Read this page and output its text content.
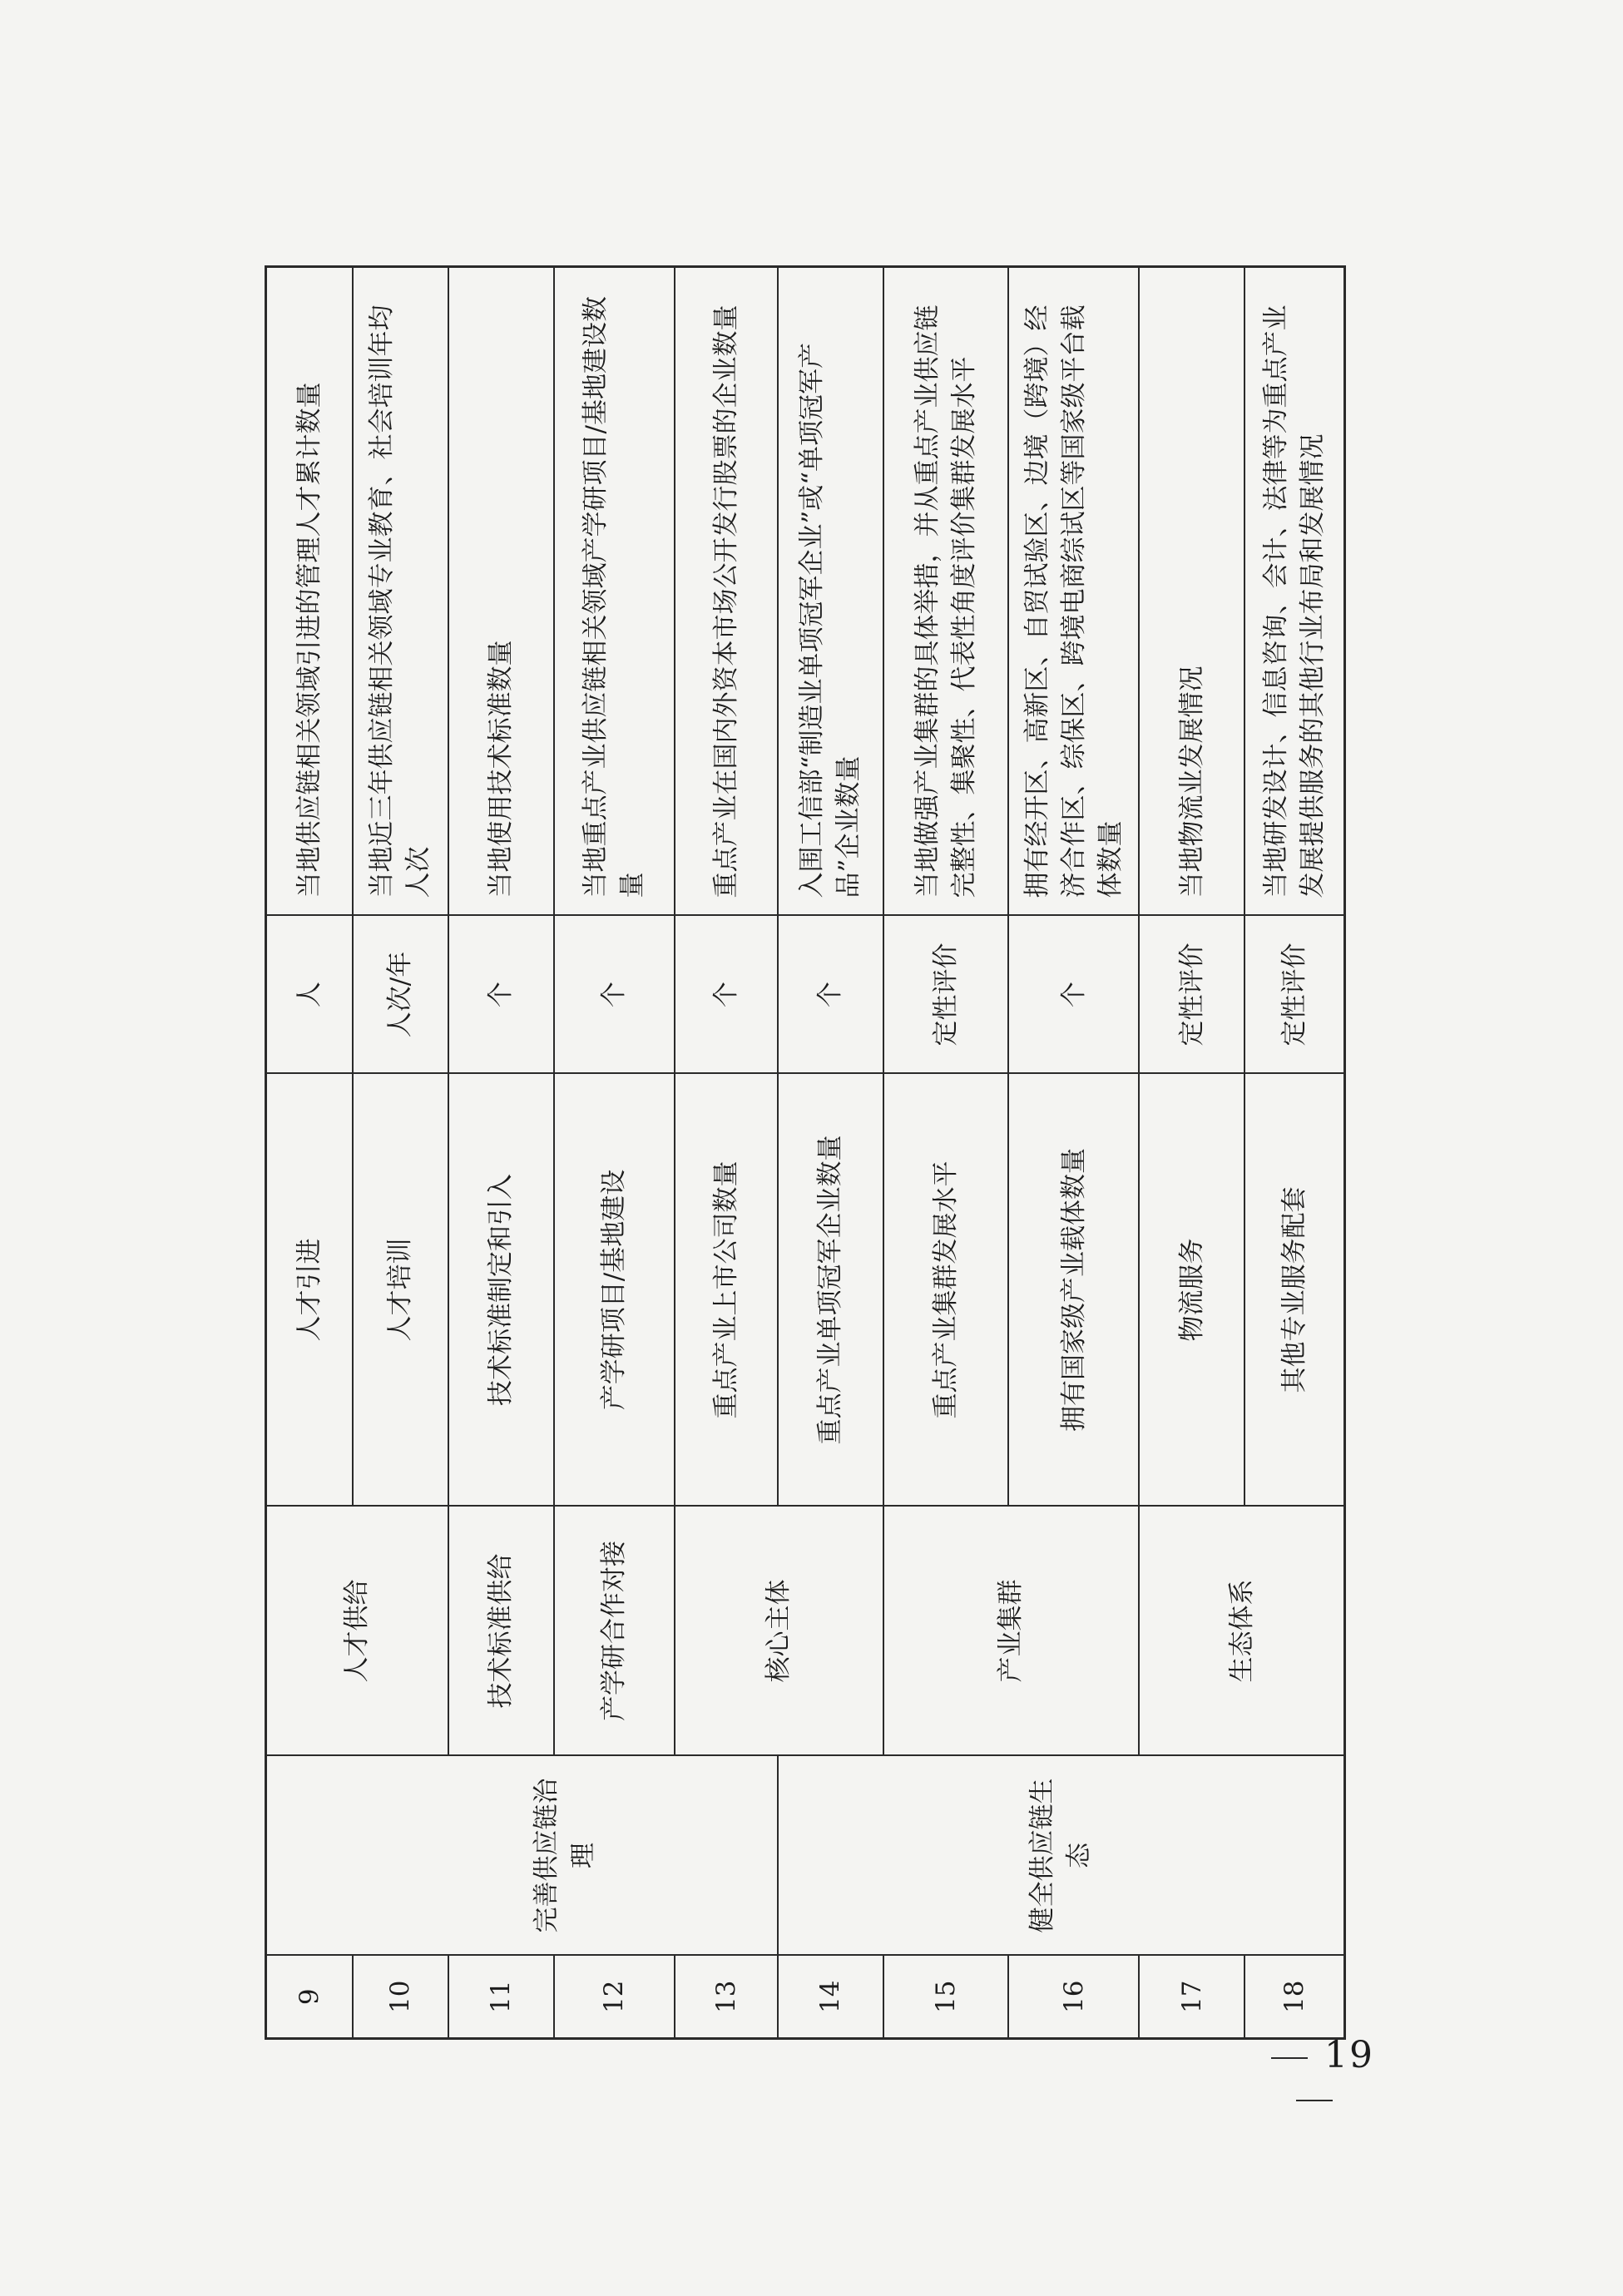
9		人才供给	人才引进	人	当地供应链相关领域引进的管理人才累计数量
10	完善供应链治理		人才培训	人次/年	当地近三年供应链相关领域专业教育、社会培训年均人次
11		技术标准供给	技术标准制定和引入	个	当地使用技术标准数量
12		产学研合作对接	产学研项目/基地建设	个	当地重点产业供应链相关领域产学研项目/基地建设数量
13		核心主体	重点产业上市公司数量	个	重点产业在国内外资本市场公开发行股票的企业数量
14	健全供应链生态		重点产业单项冠军企业数量	个	入围工信部“制造业单项冠军企业”或“单项冠军产品”企业数量
15		产业集群	重点产业集群发展水平	定性评价	当地做强产业集群的具体举措，并从重点产业供应链完整性、集聚性、代表性角度评价集群发展水平
16			拥有国家级产业载体数量	个	拥有经开区、高新区、自贸试验区、边境（跨境）经济合作区、综保区、跨境电商综试区等国家级平台载体数量
17		生态体系	物流服务	定性评价	当地物流业发展情况
18			其他专业服务配套	定性评价	当地研发设计、信息咨询、会计、法律等为重点产业发展提供服务的其他行业布局和发展情况
19
